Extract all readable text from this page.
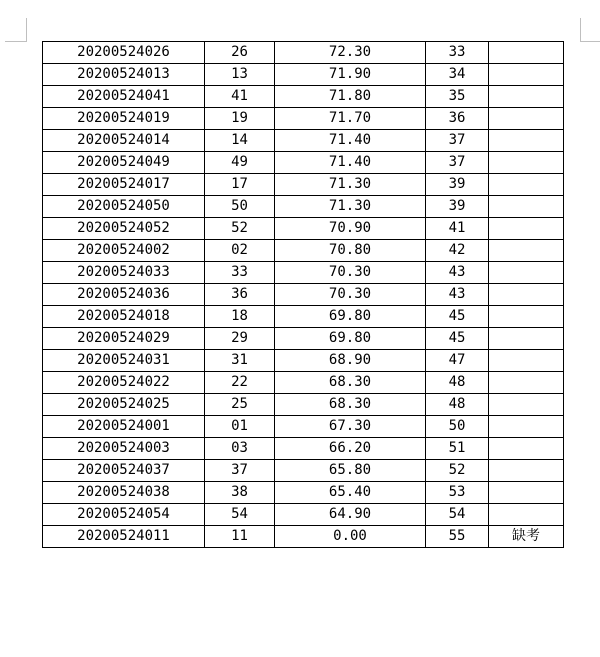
20200524026	26	72.30	33	
20200524013	13	71.90	34	
20200524041	41	71.80	35	
20200524019	19	71.70	36	
20200524014	14	71.40	37	
20200524049	49	71.40	37	
20200524017	17	71.30	39	
20200524050	50	71.30	39	
20200524052	52	70.90	41	
20200524002	02	70.80	42	
20200524033	33	70.30	43	
20200524036	36	70.30	43	
20200524018	18	69.80	45	
20200524029	29	69.80	45	
20200524031	31	68.90	47	
20200524022	22	68.30	48	
20200524025	25	68.30	48	
20200524001	01	67.30	50	
20200524003	03	66.20	51	
20200524037	37	65.80	52	
20200524038	38	65.40	53	
20200524054	54	64.90	54	
20200524011	11	0.00	55	缺考
